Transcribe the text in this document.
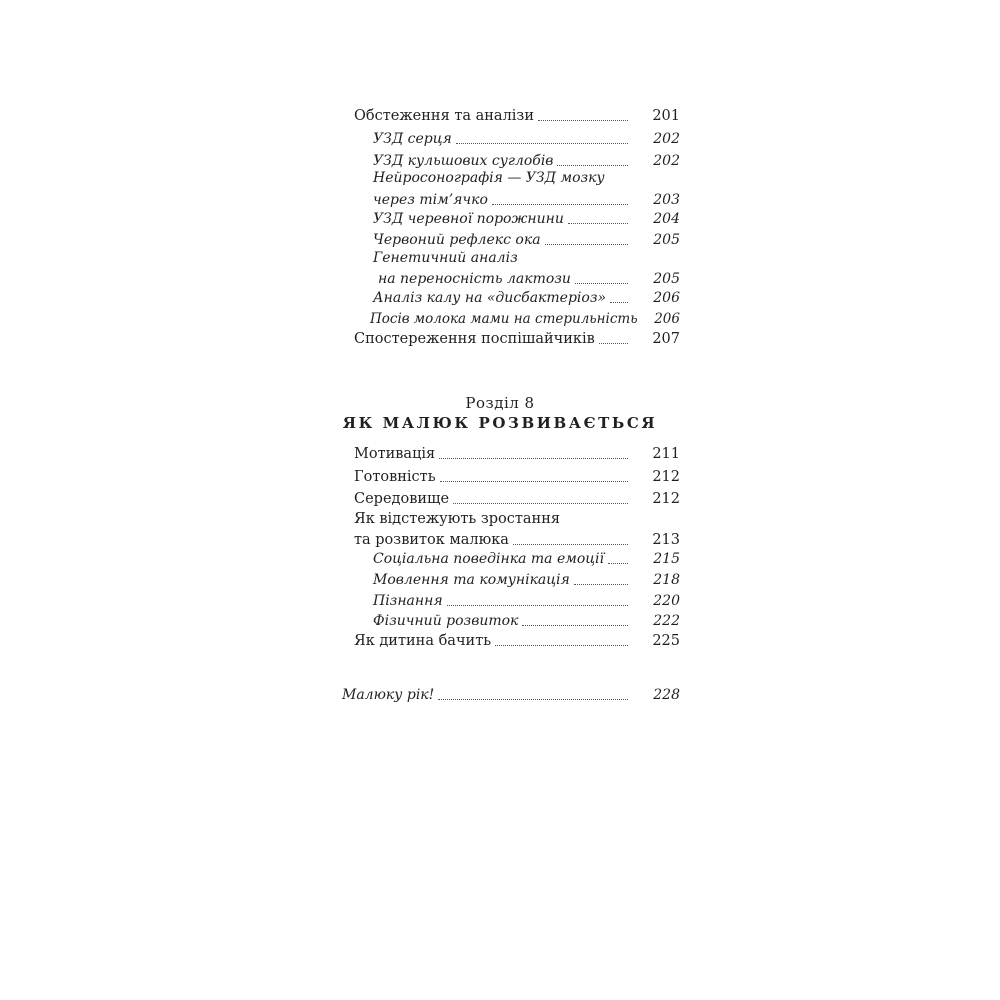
Обстеження та аналізи	201
УЗД серця	202
УЗД кульшових суглобів	202
Нейросонографія — УЗД мозку
через тім’ячко	203
УЗД черевної порожнини	204
Червоний рефлекс ока	205
Генетичний аналіз
на переносність лактози	205
Аналіз калу на «дисбактеріоз»	206
Посів молока мами на стерильність 206
Спостереження поспішайчиків	207
Розділ 8
ЯК МАЛЮК РОЗВИВАЄТЬСЯ
Мотивація	211
Готовність	212
Середовище	212
Як відстежують зростання
та розвиток малюка	213
Соціальна поведінка та емоції	215
Мовлення та комунікація	218
Пізнання	220
Фізичний розвиток	222
Як дитина бачить	225
Малюку рік!	228
